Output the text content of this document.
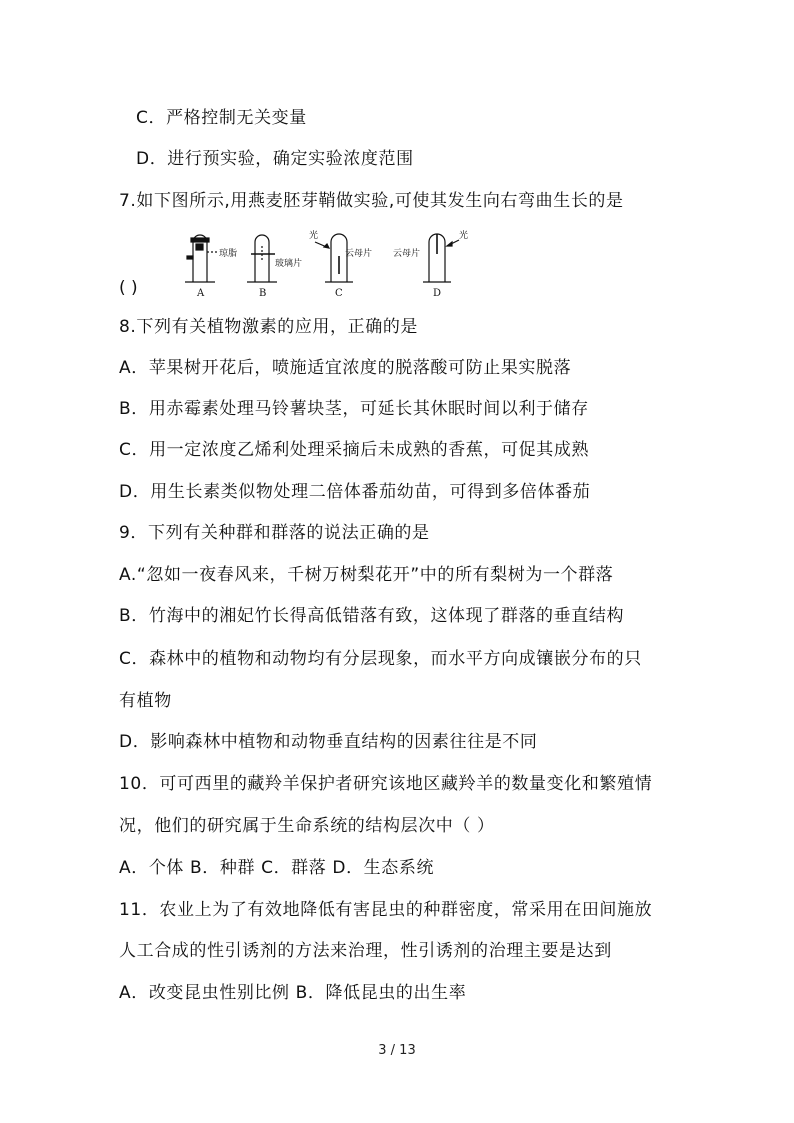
C．严格控制无关变量
D．进行预实验，确定实验浓度范围
7.如下图所示,用燕麦胚芽鞘做实验,可使其发生向右弯曲生长的是
琼脂
A
玻璃片
B
光
云母片
C
光
云母片
D
( )
8.下列有关植物激素的应用，正确的是
A．苹果树开花后，喷施适宜浓度的脱落酸可防止果实脱落
B．用赤霉素处理马铃薯块茎，可延长其休眠时间以利于储存
C．用一定浓度乙烯利处理采摘后未成熟的香蕉，可促其成熟
D．用生长素类似物处理二倍体番茄幼苗，可得到多倍体番茄
9．下列有关种群和群落的说法正确的是
A.“忽如一夜春风来，千树万树梨花开”中的所有梨树为一个群落
B．竹海中的湘妃竹长得高低错落有致，这体现了群落的垂直结构
C．森林中的植物和动物均有分层现象，而水平方向成镶嵌分布的只
有植物
D．影响森林中植物和动物垂直结构的因素往往是不同
10．可可西里的藏羚羊保护者研究该地区藏羚羊的数量变化和繁殖情
况，他们的研究属于生命系统的结构层次中（ ）
A．个体 B．种群 C．群落 D．生态系统
11．农业上为了有效地降低有害昆虫的种群密度，常采用在田间施放
人工合成的性引诱剂的方法来治理，性引诱剂的治理主要是达到
A．改变昆虫性别比例 B．降低昆虫的出生率
3 / 13
